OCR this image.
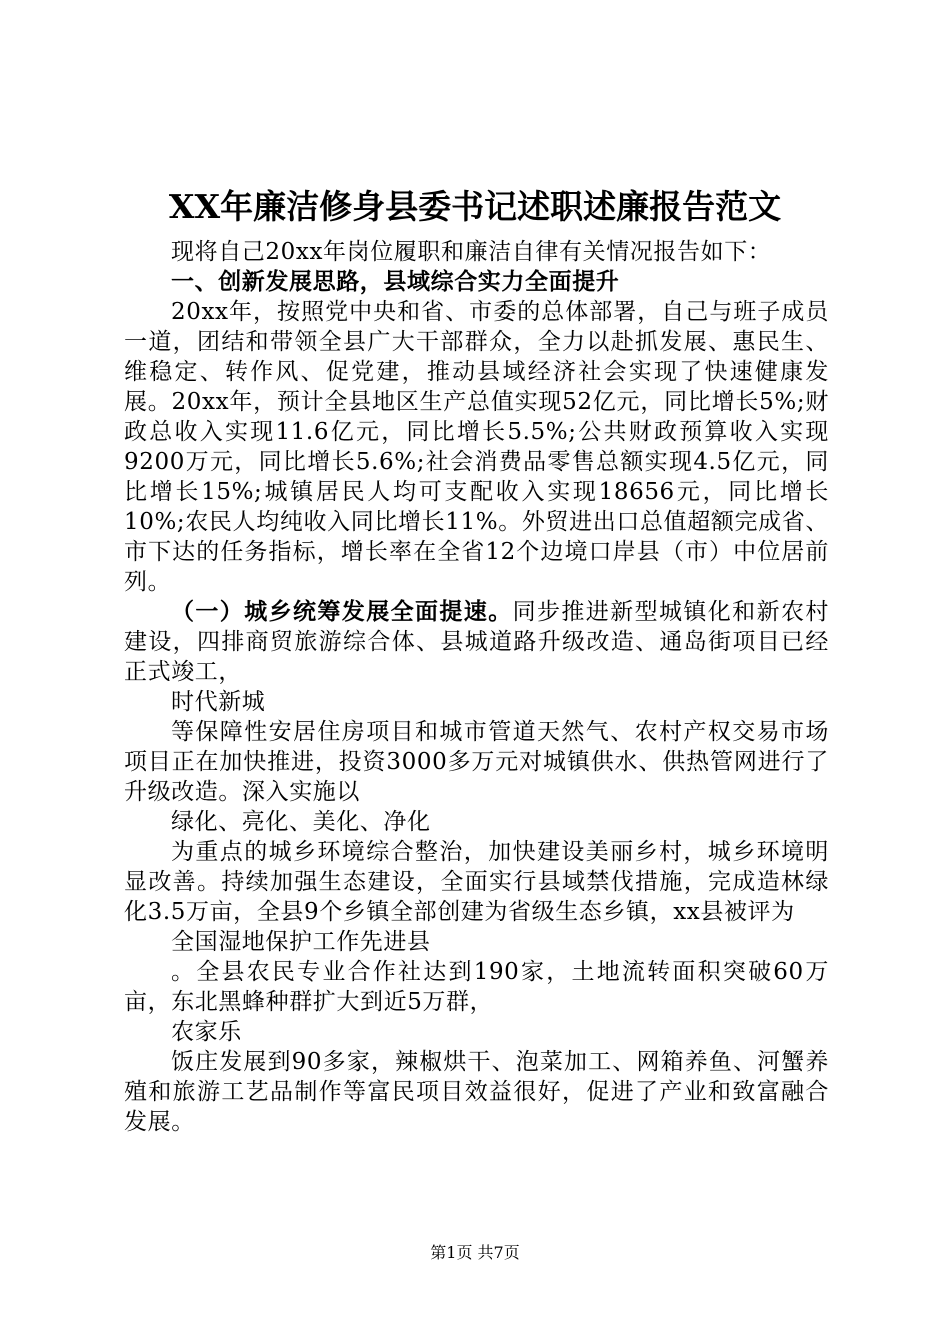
XX年廉洁修身县委书记述职述廉报告范文

现将自己20xx年岗位履职和廉洁自律有关情况报告如下：

一、创新发展思路，县域综合实力全面提升

20xx年，按照党中央和省、市委的总体部署，自己与班子成员一道，团结和带领全县广大干部群众，全力以赴抓发展、惠民生、维稳定、转作风、促党建，推动县域经济社会实现了快速健康发展。20xx年，预计全县地区生产总值实现52亿元，同比增长5%;财政总收入实现11.6亿元，同比增长5.5%;公共财政预算收入实现9200万元，同比增长5.6%;社会消费品零售总额实现4.5亿元，同比增长15%;城镇居民人均可支配收入实现18656元，同比增长10%;农民人均纯收入同比增长11%。外贸进出口总值超额完成省、市下达的任务指标，增长率在全省12个边境口岸县（市）中位居前列。

（一）城乡统筹发展全面提速。同步推进新型城镇化和新农村建设，四排商贸旅游综合体、县城道路升级改造、通岛街项目已经正式竣工，

时代新城

等保障性安居住房项目和城市管道天然气、农村产权交易市场项目正在加快推进，投资3000多万元对城镇供水、供热管网进行了升级改造。深入实施以

绿化、亮化、美化、净化

为重点的城乡环境综合整治，加快建设美丽乡村，城乡环境明显改善。持续加强生态建设，全面实行县域禁伐措施，完成造林绿化3.5万亩，全县9个乡镇全部创建为省级生态乡镇，xx县被评为

全国湿地保护工作先进县

。全县农民专业合作社达到190家，土地流转面积突破60万亩，东北黑蜂种群扩大到近5万群，

农家乐

饭庄发展到90多家，辣椒烘干、泡菜加工、网箱养鱼、河蟹养殖和旅游工艺品制作等富民项目效益很好，促进了产业和致富融合发展。

第1页 共7页
